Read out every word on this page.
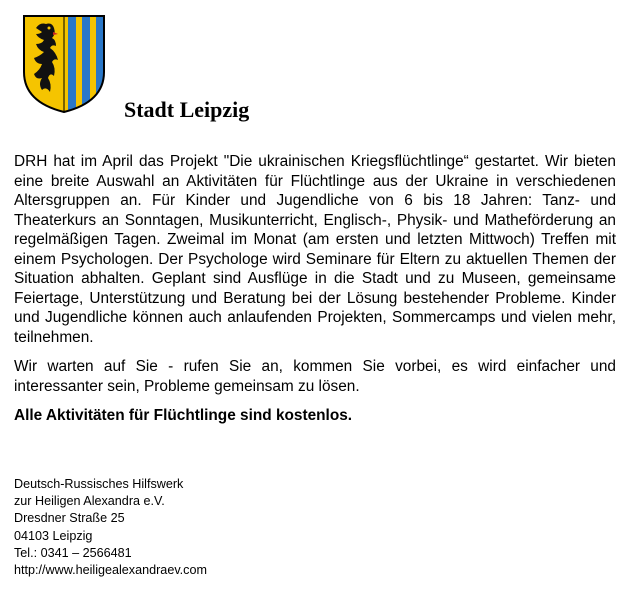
Stadt Leipzig

DRH hat im April das Projekt "Die ukrainischen Kriegsflüchtlinge“ gestartet. Wir bieten eine breite Auswahl an Aktivitäten für Flüchtlinge aus der Ukraine in verschiedenen Altersgruppen an. Für Kinder und Jugendliche von 6 bis 18 Jahren: Tanz- und Theaterkurs an Sonntagen, Musikunterricht, Englisch-, Physik- und Matheförderung an regelmäßigen Tagen. Zweimal im Monat (am ersten und letzten Mittwoch) Treffen mit einem Psychologen. Der Psychologe wird Seminare für Eltern zu aktuellen Themen der Situation abhalten. Geplant sind Ausflüge in die Stadt und zu Museen, gemeinsame Feiertage, Unterstützung und Beratung bei der Lösung bestehender Probleme. Kinder und Jugendliche können auch anlaufenden Projekten, Sommercamps und vielen mehr, teilnehmen.

Wir warten auf Sie - rufen Sie an, kommen Sie vorbei, es wird einfacher und interessanter sein, Probleme gemeinsam zu lösen.

Alle Aktivitäten für Flüchtlinge sind kostenlos.

Deutsch-Russisches Hilfswerk
zur Heiligen Alexandra e.V.
Dresdner Straße 25
04103 Leipzig
Tel.: 0341 – 2566481
http://www.heiligealexandraev.com
